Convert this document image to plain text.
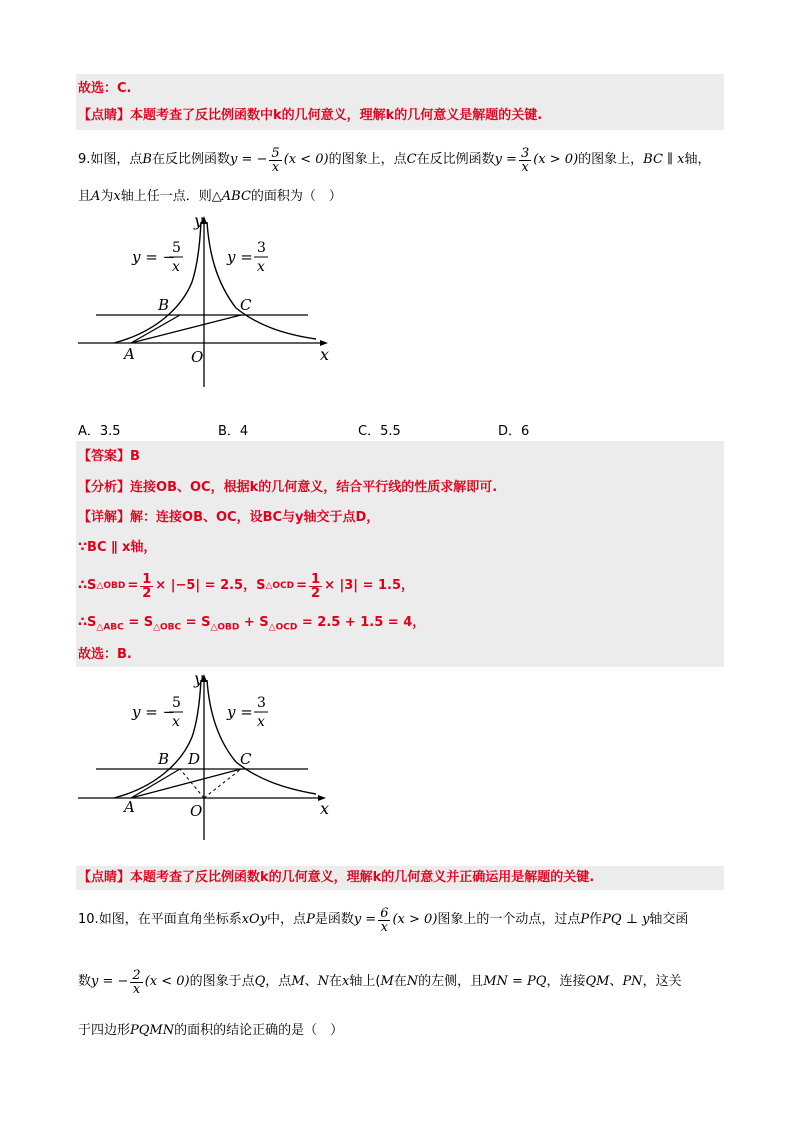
故选：C.
【点睛】本题考查了反比例函数中k的几何意义，理解k的几何意义是解题的关键.
9. 如图，点 B 在反比例函数 y = − $\frac{5}{x} (x < 0)$ 的图象上，点 C 在反比例函数 $y = \frac{3}{x} (x > 0)$ 的图象上， BC ∥ x 轴，
且A为x轴上任一点．则△ABC的面积为（　）
y
x
O
A
B	C
y = −
5
x
y = 3
x
A．3.5	B．4	C．5.5	D．6
【答案】B
【分析】连接OB、OC，根据k的几何意义，结合平行线的性质求解即可.
【详解】解：连接OB、OC，设BC与y轴交于点D，
∵BC ∥ x轴，
∴S △OBD = $\frac{1}{2} \times |-5| = 2.5$，S △OCD = $\frac{1}{2} \times |3| = 1.5$，
$\therefore S_{\triangle ABC} = S_{\triangle OBC} = S_{\triangle OBD} + S_{\triangle OCD} = 2.5 + 1.5 = 4$，
故选：B.
y
x
O
A
B D	C
y = −
5
x
y = 3
x
【点睛】本题考查了反比例函数k的几何意义，理解k的几何意义并正确运用是解题的关键.
10. 如图，在平面直角坐标系 xOy 中，点 P 是函数 $y = \frac{6}{x} (x > 0)$ 图象上的一个动点，过点 P 作 PQ ⊥ y 轴交函
数 y = − $\frac{2}{x} (x < 0)$ 的图象于点 Q ，点 M 、 N 在 x 轴上 ( M 在 N 的左侧，且 MN = PQ ，连接 QM 、 PN ，这关
于四边形PQMN的面积的结论正确的是（　）
